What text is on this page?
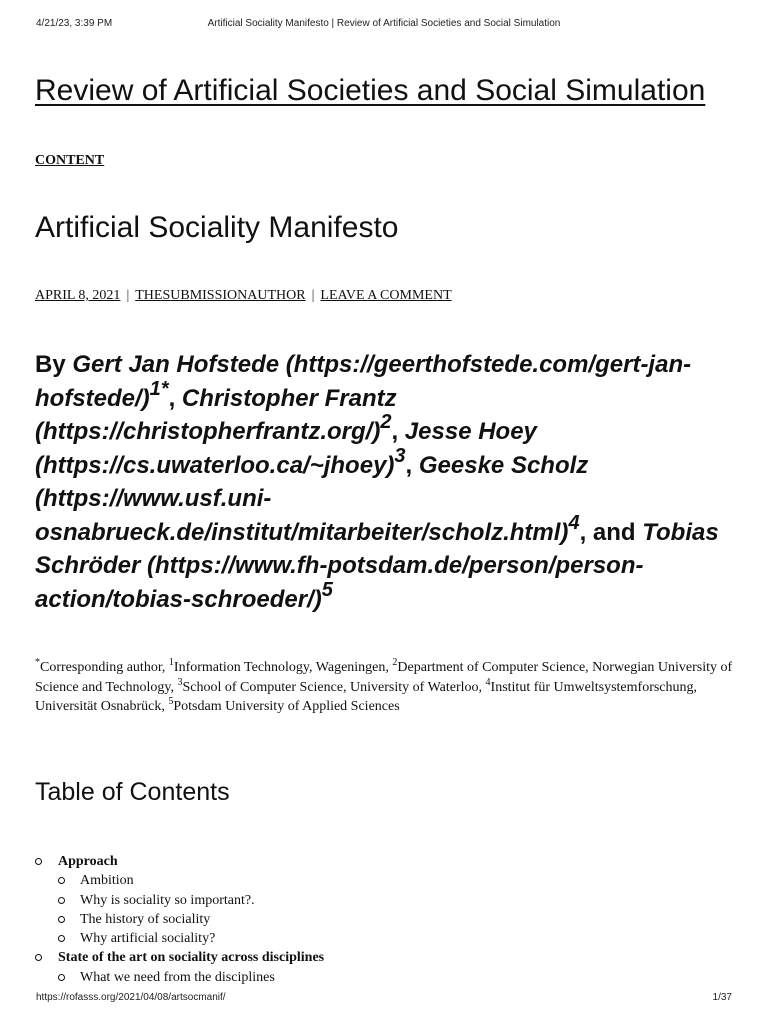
4/21/23, 3:39 PM	Artificial Sociality Manifesto | Review of Artificial Societies and Social Simulation
Review of Artificial Societies and Social Simulation
CONTENT
Artificial Sociality Manifesto
APRIL 8, 2021 | THESUBMISSIONAUTHOR | LEAVE A COMMENT
By Gert Jan Hofstede (https://geerthofstede.com/gert-jan-hofstede/)$^{1*}$, Christopher Frantz (https://christopherfrantz.org/)$^2$, Jesse Hoey (https://cs.uwaterloo.ca/~jhoey)$^3$, Geeske Scholz (https://www.usf.uni-osnabrueck.de/institut/mitarbeiter/scholz.html)$^4$, and Tobias Schröder (https://www.fh-potsdam.de/person/person-action/tobias-schroeder/)$^5$
*Corresponding author, $^1$Information Technology, Wageningen, $^2$Department of Computer Science, Norwegian University of Science and Technology, $^3$School of Computer Science, University of Waterloo, $^4$Institut für Umweltsystemforschung, Universität Osnabrück, $^5$Potsdam University of Applied Sciences
Table of Contents
Approach
Ambition
Why is sociality so important?.
The history of sociality
Why artificial sociality?
State of the art on sociality across disciplines
What we need from the disciplines
https://rofasss.org/2021/04/08/artsocmanif/	1/37
